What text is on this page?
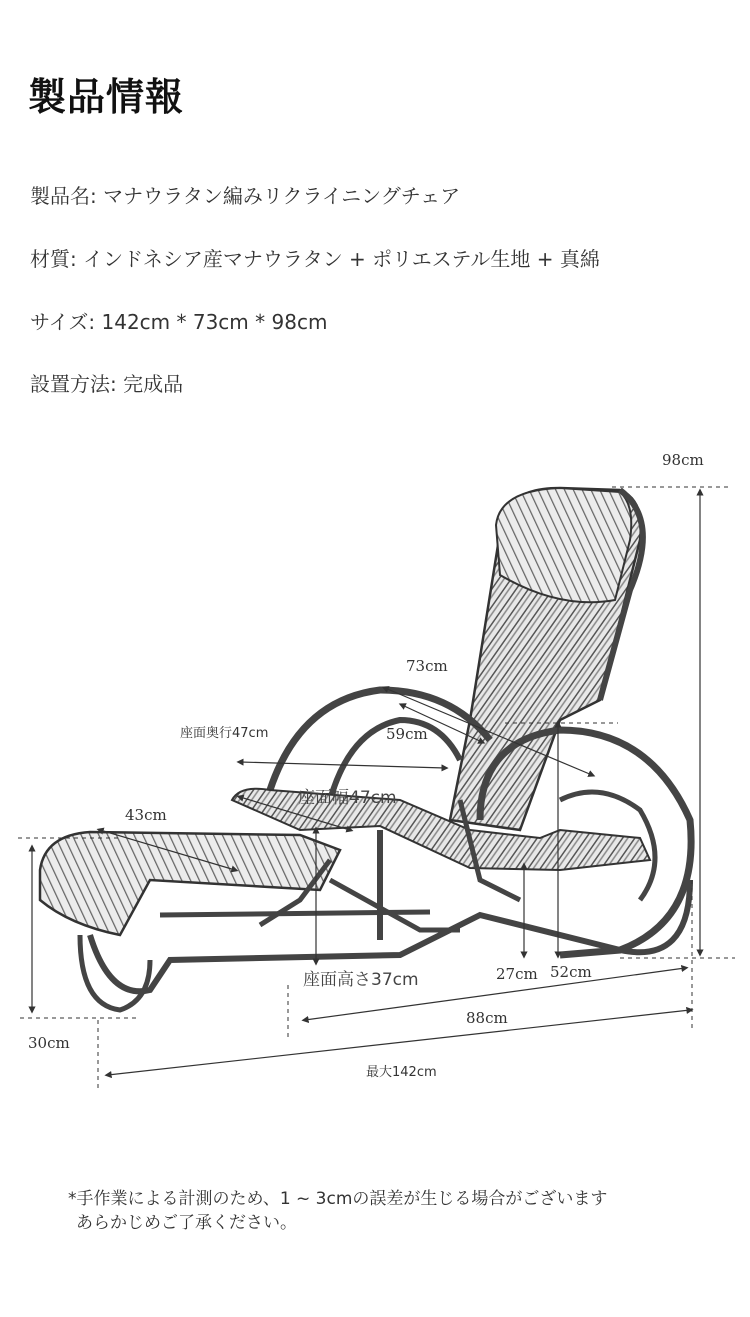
製品情報
製品名: マナウラタン編みリクライニングチェア
材質: インドネシア産マナウラタン + ポリエステル生地 + 真綿
サイズ: 142cm * 73cm * 98cm
設置方法: 完成品
98cm
73cm
座面奥行47cm	59cm
座面幅47cm
43cm
座面高さ37cm
30cm
27cm 52cm
88cm
最大142cm
*手作業による計測のため、1 ~ 3cmの誤差が生じる場合がございます
あらかじめご了承ください。
